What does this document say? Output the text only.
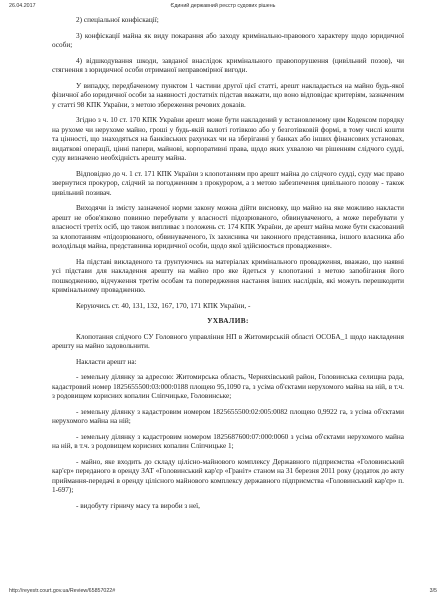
26.04.2017	Єдиний державний реєстр судових рішень

2) спеціальної конфіскації;

3) конфіскації майна як виду покарання або заходу кримінально-правового характеру щодо юридичної особи;

4) відшкодування шкоди, завданої внаслідок кримінального правопорушення (цивільний позов), чи стягнення з юридичної особи отриманої неправомірної вигоди.

У випадку, передбаченому пунктом 1 частини другої цієї статті, арешт накладається на майно будь-якої фізичної або юридичної особи за наявності достатніх підстав вважати, що воно відповідає критеріям, зазначеним у статті 98 КПК України, з метою збереження речових доказів.

Згідно з ч. 10 ст. 170 КПК України арешт може бути накладений у встановленому цим Кодексом порядку на рухоме чи нерухоме майно, гроші у будь-якій валюті готівкою або у безготівковій формі, в тому числі кошти та цінності, що знаходяться на банківських рахунках чи на зберіганні у банках або інших фінансових установах, видаткові операції, цінні папери, майнові, корпоративні права, щодо яких ухвалою чи рішенням слідчого судді, суду визначено необхідність арешту майна.

Відповідно до ч. 1 ст. 171 КПК України з клопотанням про арешт майна до слідчого судді, суду має право звернутися прокурор, слідчий за погодженням з прокурором, а з метою забезпечення цивільного позову - також цивільний позивач.

Виходячи із змісту зазначеної норми закону можна дійти висновку, що майно на яке можливо накласти арешт не обов'язково повинно перебувати у власності підозрюваного, обвинуваченого, а може перебувати у власності третіх осіб, що також випливає з положень ст. 174 КПК України, де арешт майна може бути скасований за клопотанням «підозрюваного, обвинуваченого, їх захисника чи законного представника, іншого власника або володільця майна, представника юридичної особи, щодо якої здійснюється провадження».

На підставі викладеного та ґрунтуючись на матеріалах кримінального провадження, вважаю, що наявні усі підстави для накладення арешту на майно про яке йдеться у клопотанні з метою запобігання його пошкодженню, відчуження третім особам та попередження настання інших наслідків, які можуть перешкодити кримінальному провадженню.

Керуючись ст. 40, 131, 132, 167, 170, 171 КПК України, -

УХВАЛИВ:

Клопотання слідчого СУ Головного управління НП в Житомирській області ОСОБА_1 щодо накладення арешту на майно задовольнити.

Накласти арешт на:

- земельну ділянку за адресою: Житомирська область, Черняхівський район, Головинська селищна рада, кадастровий номер 1825655500:03:000:0188 площею 95,1090 га, з усіма об'єктами нерухомого майна на ній, в т.ч. з родовищем корисних копалин Сліпчицьке, Головинське;

- земельну ділянку з кадастровим номером 1825655500:02:005:0082 площею 0,9922 га, з усіма об'єктами нерухомого майна на ній;

- земельну ділянку з кадастровим номером 1825687600:07:000:0060 з усіма об'єктами нерухомого майна на ній, в т.ч. з родовищем корисних копалин Сліпчицьке 1;

- майно, яке входить до складу цілісно-майнового комплексу Державного підприємства «Головинський кар'єр» переданого в оренду ЗАТ «Головинський кар'єр «Граніт» станом на 31 березня 2011 року (додаток до акту приймання-передачі в оренду цілісного майнового комплексу державного підприємства «Головинський кар'єр» п. 1-697);

- видобуту гірничу масу та вироби з неї,

http://reyestr.court.gov.ua/Review/65857022#	3/5
